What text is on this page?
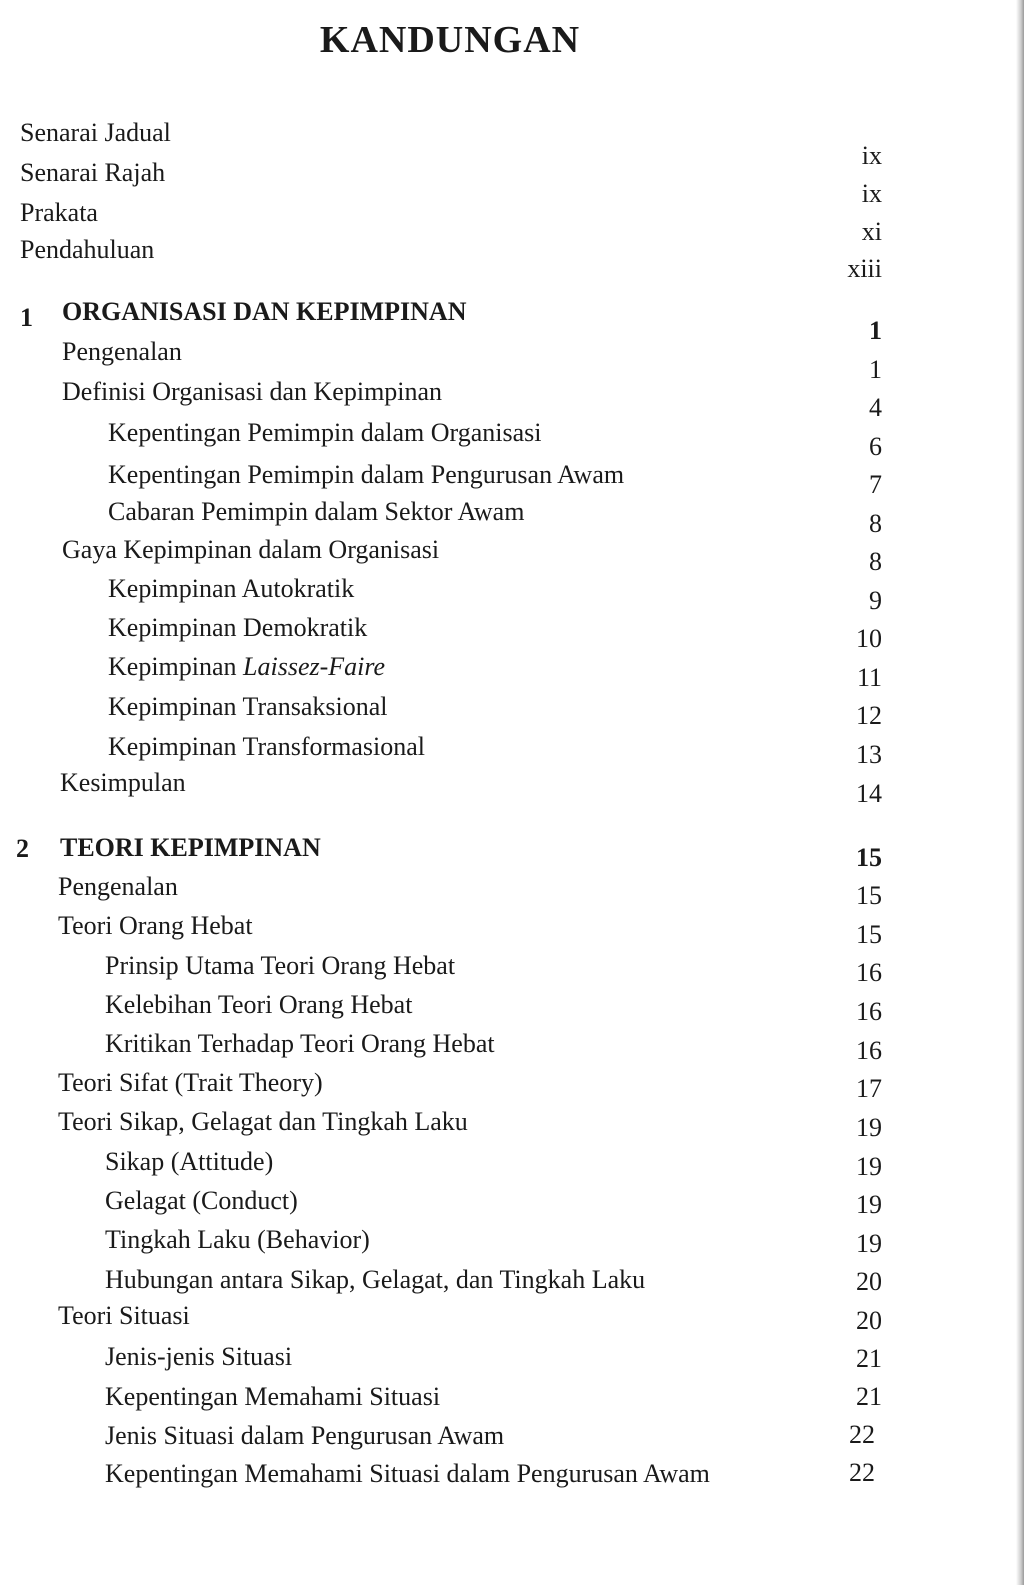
KANDUNGAN
Senarai Jadual
Senarai Rajah
Prakata
Pendahuluan
ix
ix
xi
xiii
1 ORGANISASI DAN KEPIMPINAN
1
Pengenalan
Definisi Organisasi dan Kepimpinan
Kepentingan Pemimpin dalam Organisasi
Kepentingan Pemimpin dalam Pengurusan Awam
Cabaran Pemimpin dalam Sektor Awam
Gaya Kepimpinan dalam Organisasi
Kepimpinan Autokratik
Kepimpinan Demokratik
Kepimpinan Laissez-Faire
Kepimpinan Transaksional
Kepimpinan Transformasional
Kesimpulan
1
4
6
7
8
8
9
10
11
12
13
14
2 TEORI KEPIMPINAN	15
Pengenalan
Teori Orang Hebat
Prinsip Utama Teori Orang Hebat
Kelebihan Teori Orang Hebat
Kritikan Terhadap Teori Orang Hebat
Teori Sifat (Trait Theory)
Teori Sikap, Gelagat dan Tingkah Laku
Sikap (Attitude)
Gelagat (Conduct)
Tingkah Laku (Behavior)
Hubungan antara Sikap, Gelagat, dan Tingkah Laku
Teori Situasi
Jenis-jenis Situasi
Kepentingan Memahami Situasi
Jenis Situasi dalam Pengurusan Awam
Kepentingan Memahami Situasi dalam Pengurusan Awam
15
15
16
16
16
17
19
19
19
19
20
20
21
21
22
22
